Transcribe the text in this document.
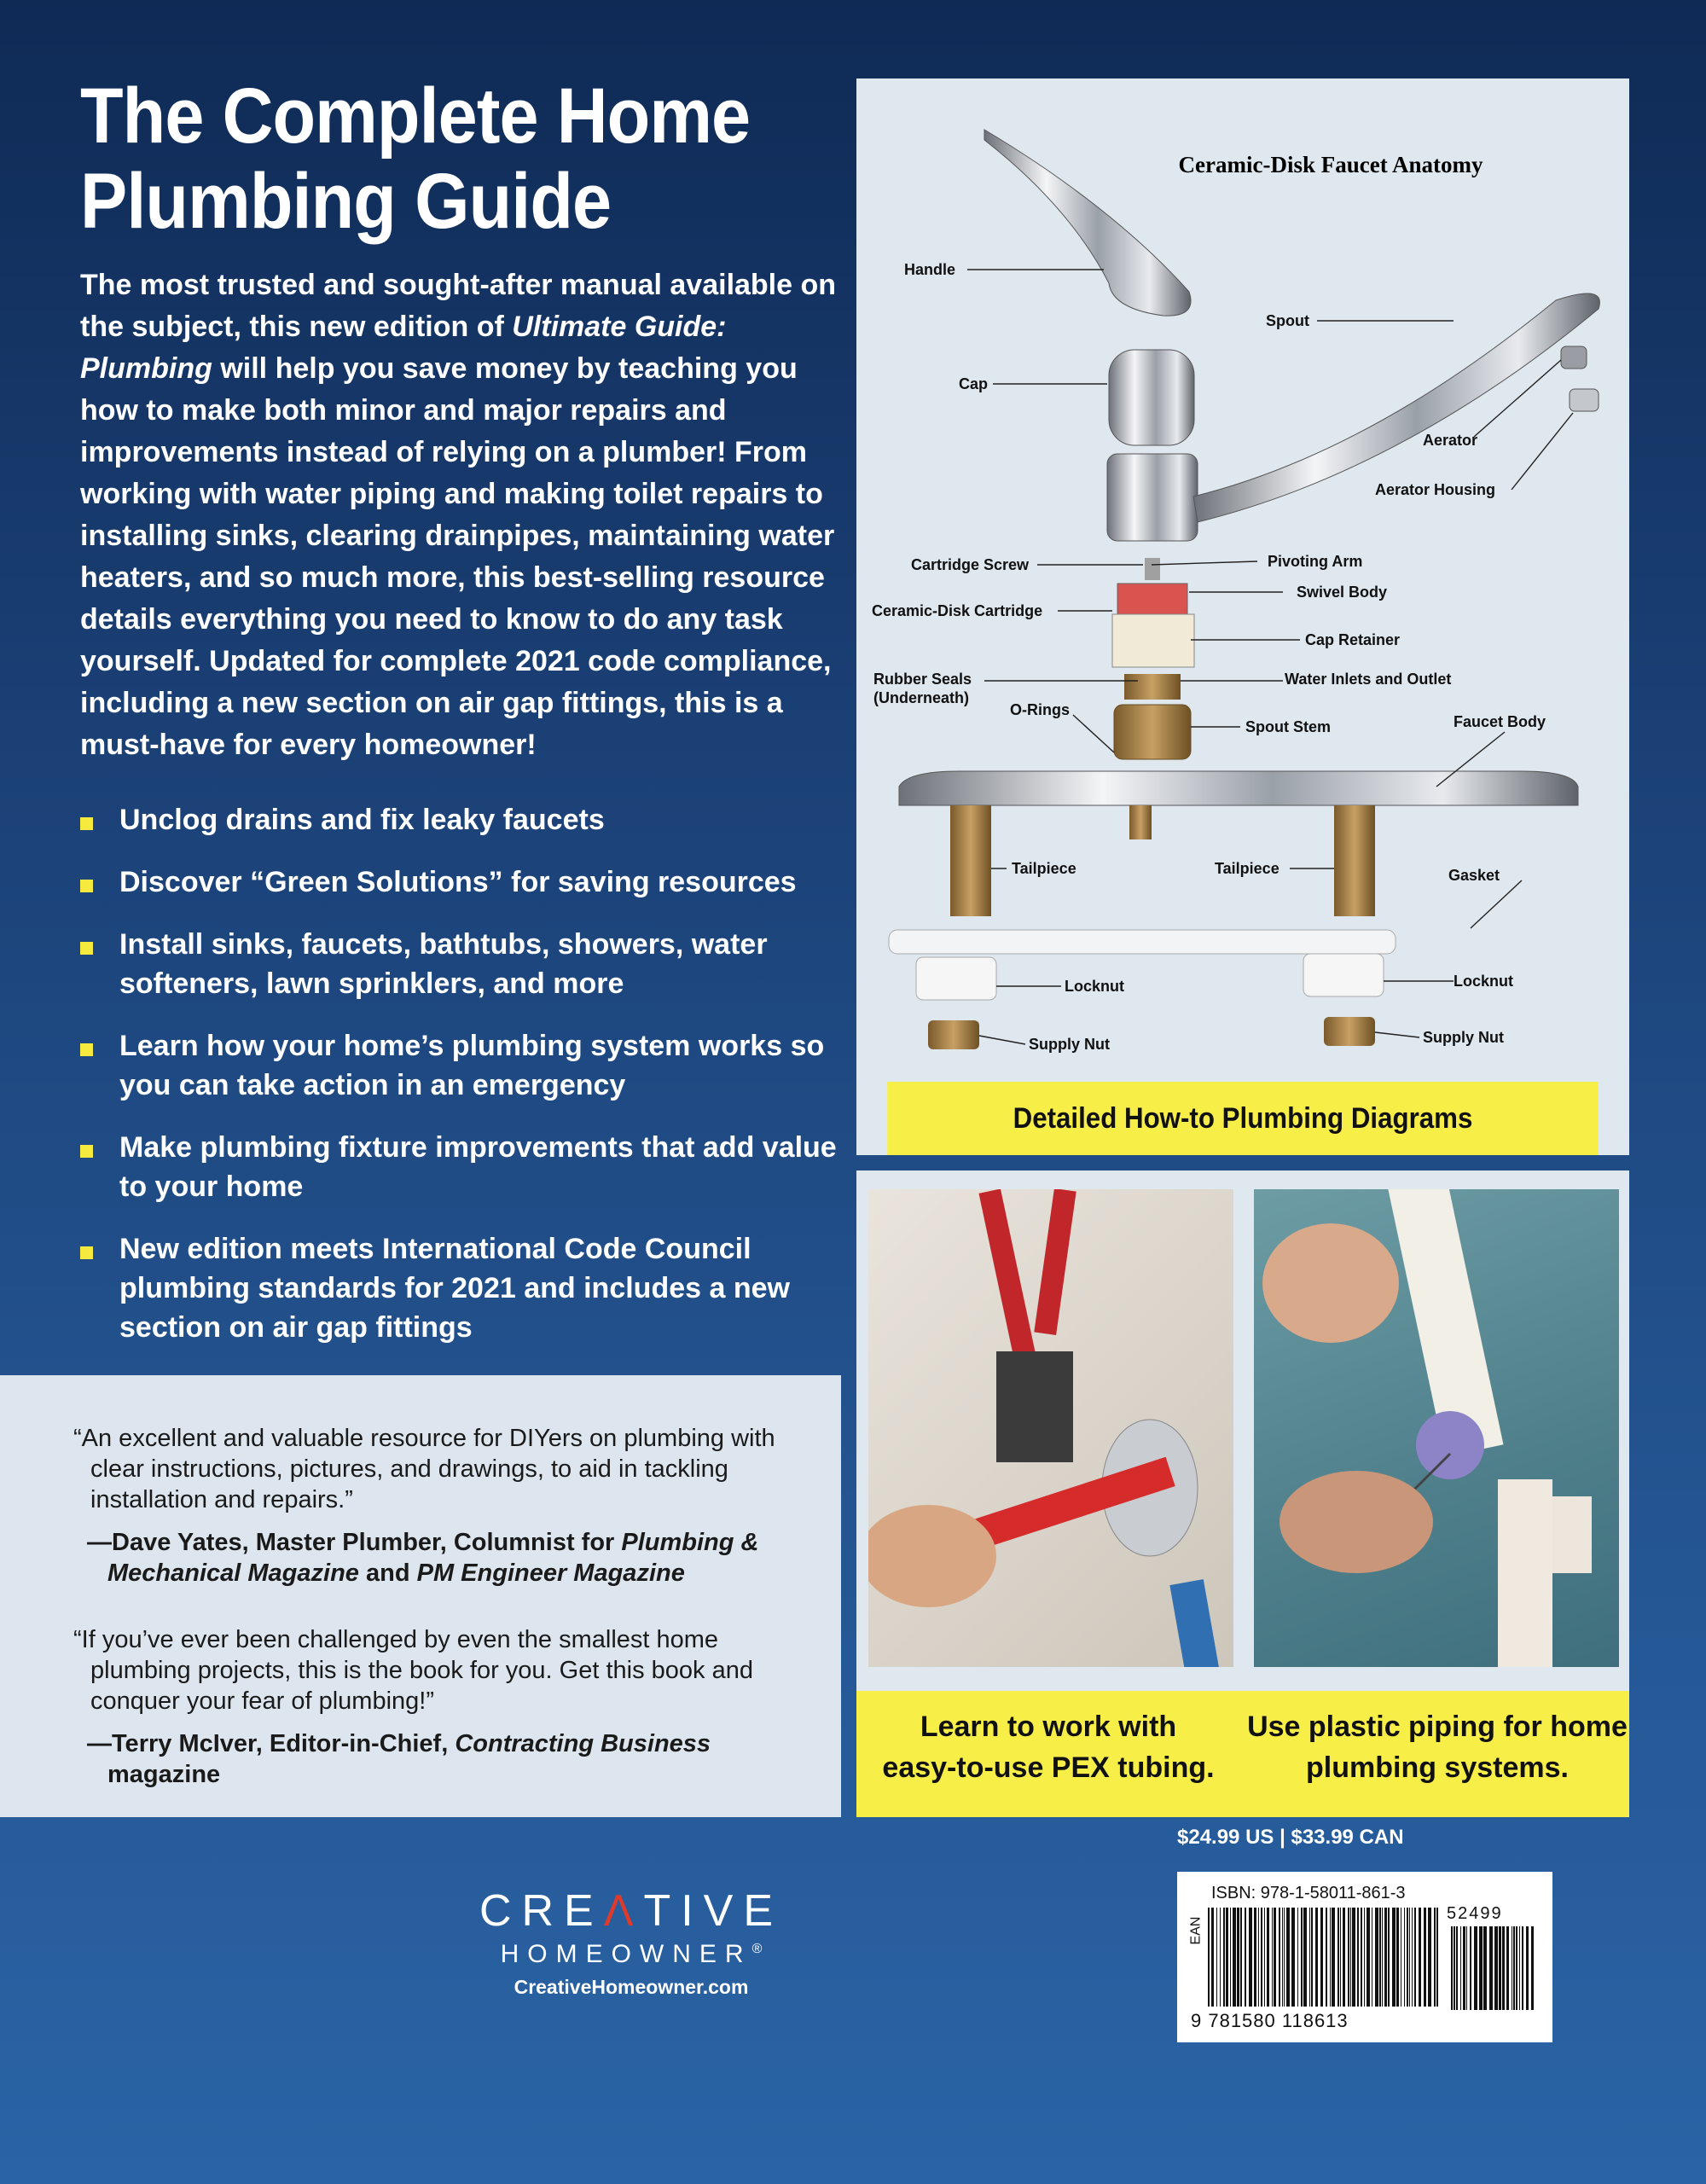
The Complete Home
Plumbing Guide

The most trusted and sought-after manual available on the subject, this new edition of Ultimate Guide: Plumbing will help you save money by teaching you how to make both minor and major repairs and improvements instead of relying on a plumber! From working with water piping and making toilet repairs to installing sinks, clearing drainpipes, maintaining water heaters, and so much more, this best-selling resource details everything you need to know to do any task yourself. Updated for complete 2021 code compliance, including a new section on air gap fittings, this is a must-have for every homeowner!

Unclog drains and fix leaky faucets
Discover “Green Solutions” for saving resources
Install sinks, faucets, bathtubs, showers, water softeners, lawn sprinklers, and more
Learn how your home’s plumbing system works so you can take action in an emergency
Make plumbing fixture improvements that add value to your home
New edition meets International Code Council plumbing standards for 2021 and includes a new section on air gap fittings

“An excellent and valuable resource for DIYers on plumbing with clear instructions, pictures, and drawings, to aid in tackling installation and repairs.”

—Dave Yates, Master Plumber, Columnist for Plumbing & Mechanical Magazine and PM Engineer Magazine

“If you’ve ever been challenged by even the smallest home plumbing projects, this is the book for you. Get this book and conquer your fear of plumbing!”

—Terry McIver, Editor-in-Chief, Contracting Business magazine

Ceramic-Disk Faucet Anatomy
Handle
Cap
Spout
Aerator
Aerator Housing
Cartridge Screw	Pivoting Arm
Swivel Body
Ceramic-Disk Cartridge
Cap Retainer
Rubber Seals
(Underneath)
Water Inlets and Outlet
O-Rings
Spout Stem	Faucet Body
Tailpiece	Tailpiece	Gasket
Locknut	Locknut
Supply Nut	Supply Nut
Detailed How-to Plumbing Diagrams
Learn to work with
easy-to-use PEX tubing.
Use plastic piping for home
plumbing systems.
CREΛTIVE
HOMEOWNER®
CreativeHomeowner.com
$24.99 US | $33.99 CAN
ISBN: 978-1-58011-861-3
EAN
52499
9 781580 118613
